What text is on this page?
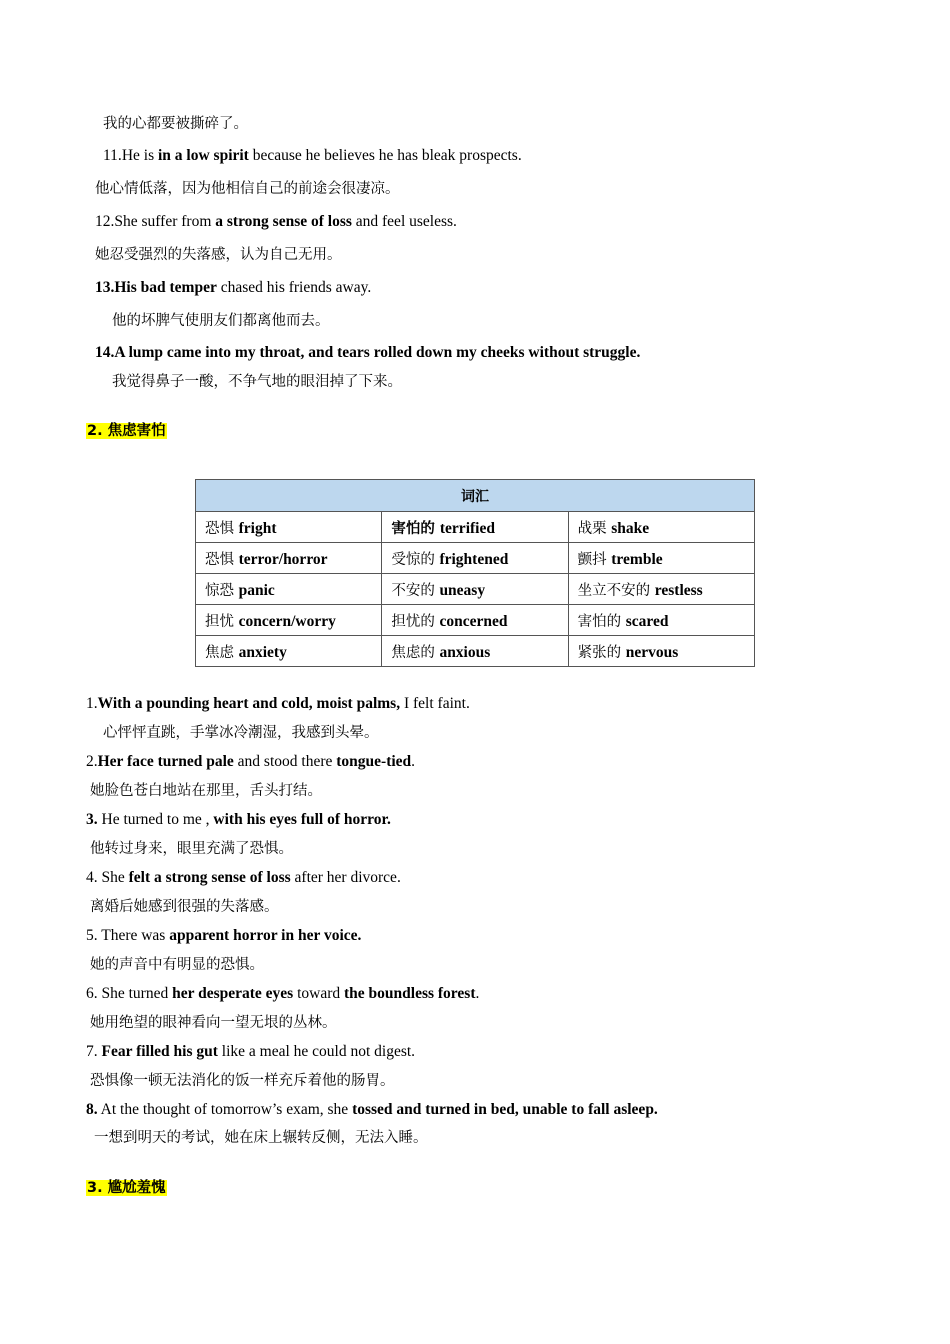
我的心都要被撕碎了。
11.He is in a low spirit because he believes he has bleak prospects.
他心情低落，因为他相信自己的前途会很凄凉。
12.She suffer from a strong sense of loss and feel useless.
她忍受强烈的失落感，认为自己无用。
13.His bad temper chased his friends away.
他的坏脾气使朋友们都离他而去。
14.A lump came into my throat, and tears rolled down my cheeks without struggle.
我觉得鼻子一酸，不争气地的眼泪掉了下来。
2. 焦虑害怕
词汇		
恐惧 fright	害怕的 terrified	战栗 shake
恐惧 terror/horror	受惊的 frightened	颤抖 tremble
惊恐 panic	不安的 uneasy	坐立不安的 restless
担忧 concern/worry	担忧的 concerned	害怕的 scared
焦虑 anxiety	焦虑的 anxious	紧张的 nervous
1.With a pounding heart and cold, moist palms, I felt faint.
心怦怦直跳，手掌冰冷潮湿，我感到头晕。
2.Her face turned pale and stood there tongue-tied.
她脸色苍白地站在那里，舌头打结。
3. He turned to me , with his eyes full of horror.
他转过身来，眼里充满了恐惧。
4. She felt a strong sense of loss after her divorce.
离婚后她感到很强的失落感。
5. There was apparent horror in her voice.
她的声音中有明显的恐惧。
6. She turned her desperate eyes toward the boundless forest.
她用绝望的眼神看向一望无垠的丛林。
7. Fear filled his gut like a meal he could not digest.
恐惧像一顿无法消化的饭一样充斥着他的肠胃。
8. At the thought of tomorrow’s exam, she tossed and turned in bed, unable to fall asleep.
一想到明天的考试，她在床上辗转反侧，无法入睡。
3. 尴尬羞愧
